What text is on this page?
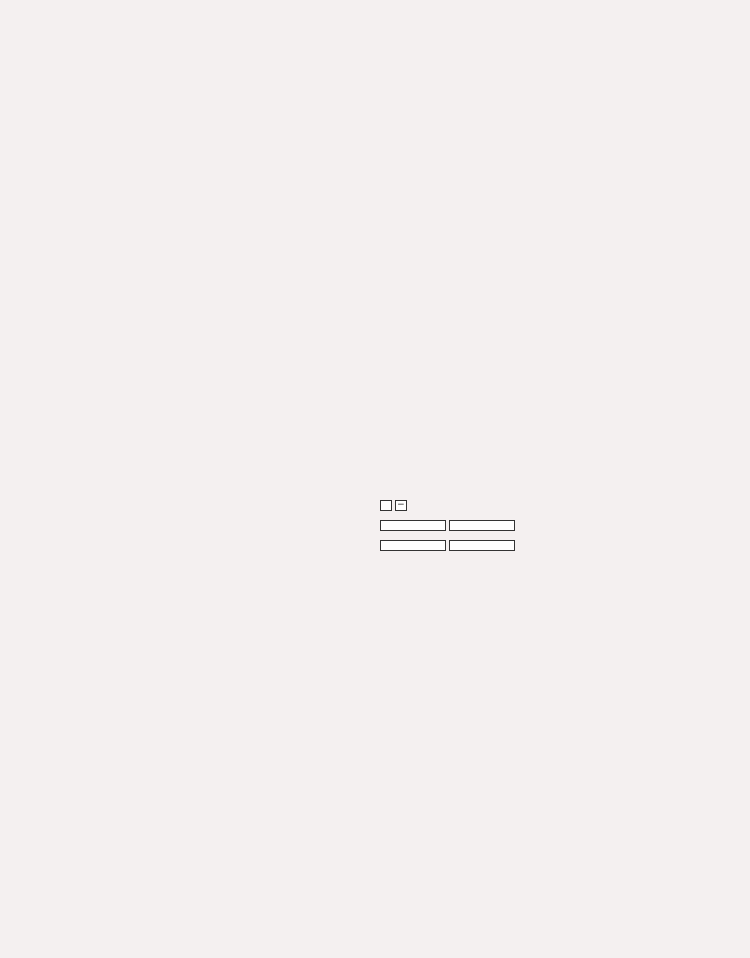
−
